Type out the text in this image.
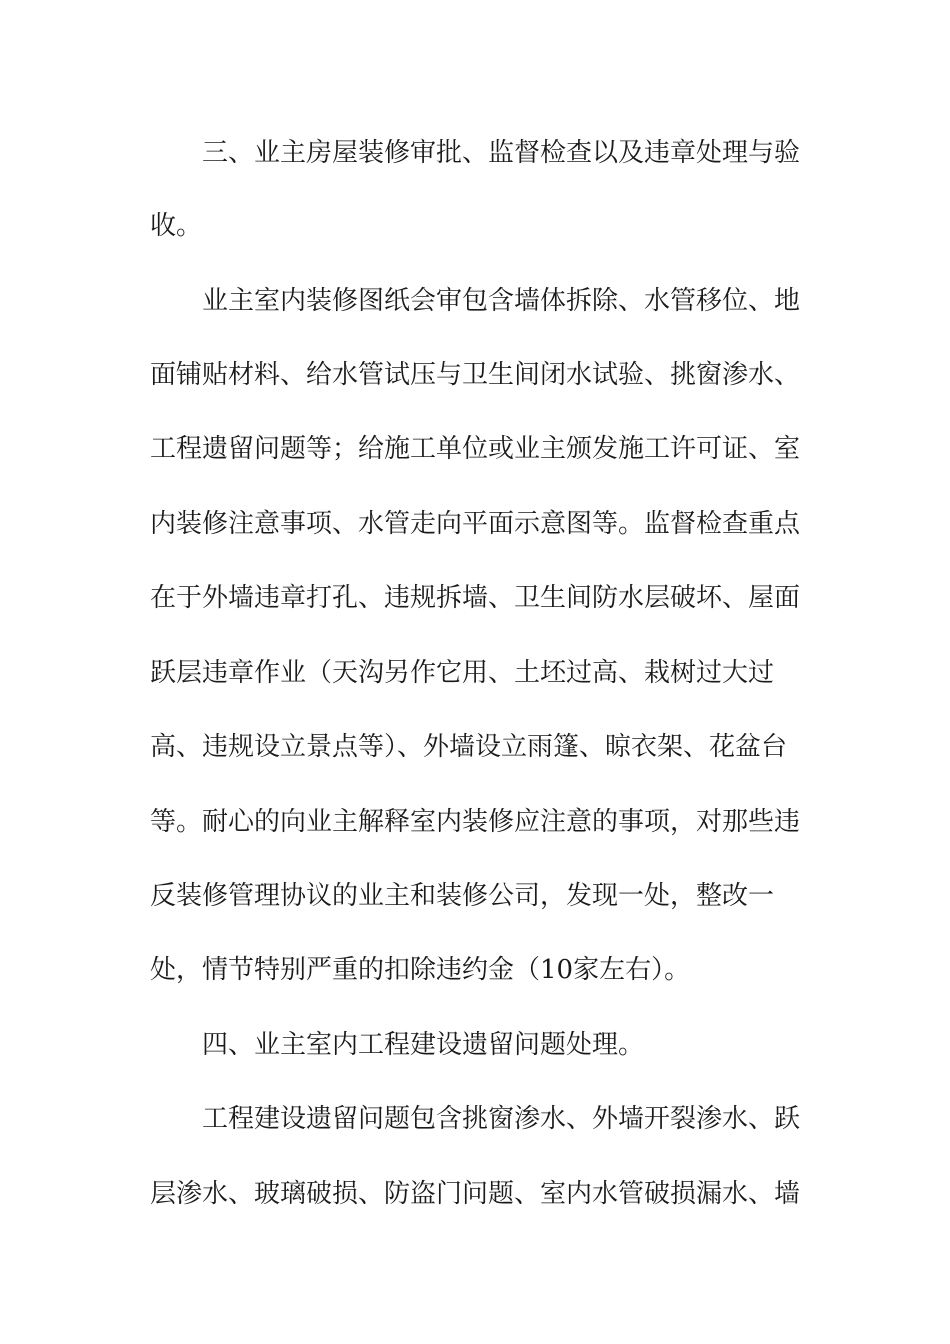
三、业主房屋装修审批、监督检查以及违章处理与验
收。
业主室内装修图纸会审包含墙体拆除、水管移位、地
面铺贴材料、给水管试压与卫生间闭水试验、挑窗渗水、
工程遗留问题等；给施工单位或业主颁发施工许可证、室
内装修注意事项、水管走向平面示意图等。监督检查重点
在于外墙违章打孔、违规拆墙、卫生间防水层破坏、屋面
跃层违章作业（天沟另作它用、土坯过高、栽树过大过
高、违规设立景点等）、外墙设立雨篷、晾衣架、花盆台
等。耐心的向业主解释室内装修应注意的事项，对那些违
反装修管理协议的业主和装修公司，发现一处，整改一
处，情节特别严重的扣除违约金（10家左右）。
四、业主室内工程建设遗留问题处理。
工程建设遗留问题包含挑窗渗水、外墙开裂渗水、跃
层渗水、玻璃破损、防盗门问题、室内水管破损漏水、墙
